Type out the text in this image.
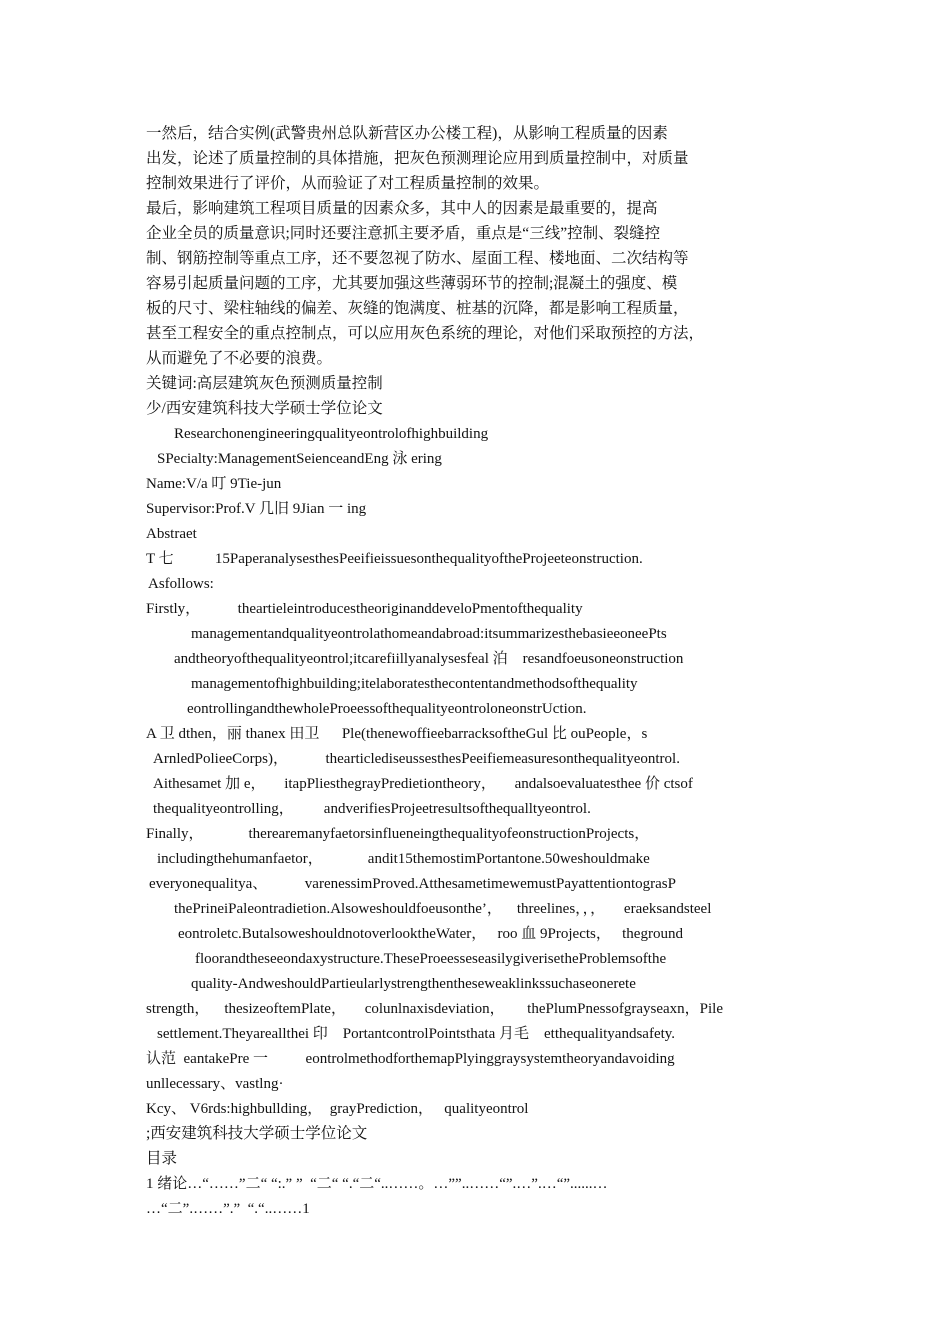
一然后，结合实例(武警贵州总队新营区办公楼工程)，从影响工程质量的因素
出发，论述了质量控制的具体措施，把灰色预测理论应用到质量控制中，对质量
控制效果进行了评价，从而验证了对工程质量控制的效果。
最后，影响建筑工程项目质量的因素众多，其中人的因素是最重要的，提高
企业全员的质量意识;同时还要注意抓主要矛盾，重点是“三线”控制、裂缝控
制、钢筋控制等重点工序，还不要忽视了防水、屋面工程、楼地面、二次结构等
容易引起质量问题的工序，尤其要加强这些薄弱环节的控制;混凝土的强度、模
板的尺寸、梁柱轴线的偏差、灰缝的饱满度、桩基的沉降，都是影响工程质量，
甚至工程安全的重点控制点，可以应用灰色系统的理论，对他们采取预控的方法，
从而避免了不必要的浪费。
关键词:高层建筑灰色预测质量控制
少/西安建筑科技大学硕士学位论文
Researchonengineeringqualityeontrolofhighbuilding
SPecialty:ManagementSeienceandEng 泳 ering
Name:V/a 叮 9Tie-jun
Supervisor:Prof.V 几旧 9Jian 一 ing
Abstraet
T 七           15PaperanalysesthesPeeifieissuesonthequalityoftheProjeeteonstruction.
Asfollows:
Firstly，          theartieleintroducestheoriginanddeveloPmentofthequality
managementandqualityeontrolathomeandabroad:itsummarizesthebasieeoneePts
andtheoryofthequalityeontrol;itcarefiillyanalysesfeal 泊    resandfoeusoneonstruction
managementofhighbuilding;itelaboratesthecontentandmethodsofthequality
eontrollingandthewholeProeessofthequalityeontroloneonstrUction.
A 卫 dthen，丽 thanex 田卫      Ple(thenewoffieebarracksoftheGul 比 ouPeople，s
ArnledPolieeCorps)，          thearticlediseussesthesPeeifiemeasuresonthequalityeontrol.
Aithesamet 加 e，     itapPliesthegrayPredietiontheory，     andalsoevaluatesthee 价 ctsof
thequalityeontrolling，        andverifiesProjeetresultsofthequalltyeontrol.
Finally，            therearemanyfaetorsinflueneingthequalityofeonstructionProjects，
includingthehumanfaetor，            andit15themostimPortantone.50weshouldmake
everyonequalitya、          varenessimProved.AtthesametimewemustPayattentiontograsP
thePrineiPaleontradietion.Alsoweshouldfoeusonthe’，    threelines，，，     eraeksandsteel
eontroletc.ButalsoweshouldnotoverlooktheWater，   roo 血 9Projects，   theground
floorandtheseeondaxystructure.TheseProeesseseasilygiverisetheProblemsofthe
quality-AndweshouldPartieularlystrengthentheseweaklinkssuchaseonerete
strength，    thesizeoftemPlate，     colunlnaxisdeviation，      thePlumPnessofgrayseaxn，Pile
settlement.Theyareallthei 印    PortantcontrolPointsthata 月毛    etthequalityandsafety.
认范  eantakePre 一          eontrolmethodforthemapPlyinggraysystemtheoryandavoiding
unllecessary、vastlng·
Kcy、 V6rds:highbullding，  grayPrediction，   qualityeontrol
;西安建筑科技大学硕士学位论文
目录
1 绪论…“……”二“ “:.” ”  “二“ “.“二“..……。…””..……“”.…”.…“”......…
…“二”.……”.”  “.“..……1
